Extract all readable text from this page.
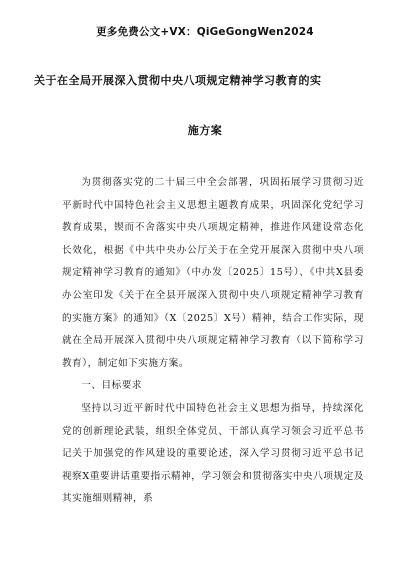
更多免费公文+VX：QiGeGongWen2024
关于在全局开展深入贯彻中央八项规定精神学习教育的实
施方案

为贯彻落实党的二十届三中全会部署，巩固拓展学习贯彻习近平新时代中国特色社会主义思想主题教育成果，巩固深化党纪学习教育成果，锲而不舍落实中央八项规定精神，推进作风建设常态化长效化，根据《中共中央办公厅关于在全党开展深入贯彻中央八项规定精神学习教育的通知》（中办发〔2025〕15号）、《中共X县委办公室印发《关于在全县开展深入贯彻中央八项规定精神学习教育的实施方案》的通知》（X〔2025〕X号）精神，结合工作实际，现就在全局开展深入贯彻中央八项规定精神学习教育（以下简称学习教育），制定如下实施方案。

一、目标要求

坚持以习近平新时代中国特色社会主义思想为指导，持续深化党的创新理论武装，组织全体党员、干部认真学习领会习近平总书记关于加强党的作风建设的重要论述，深入学习贯彻习近平总书记视察X重要讲话重要指示精神，学习领会和贯彻落实中央八项规定及其实施细则精神，系
